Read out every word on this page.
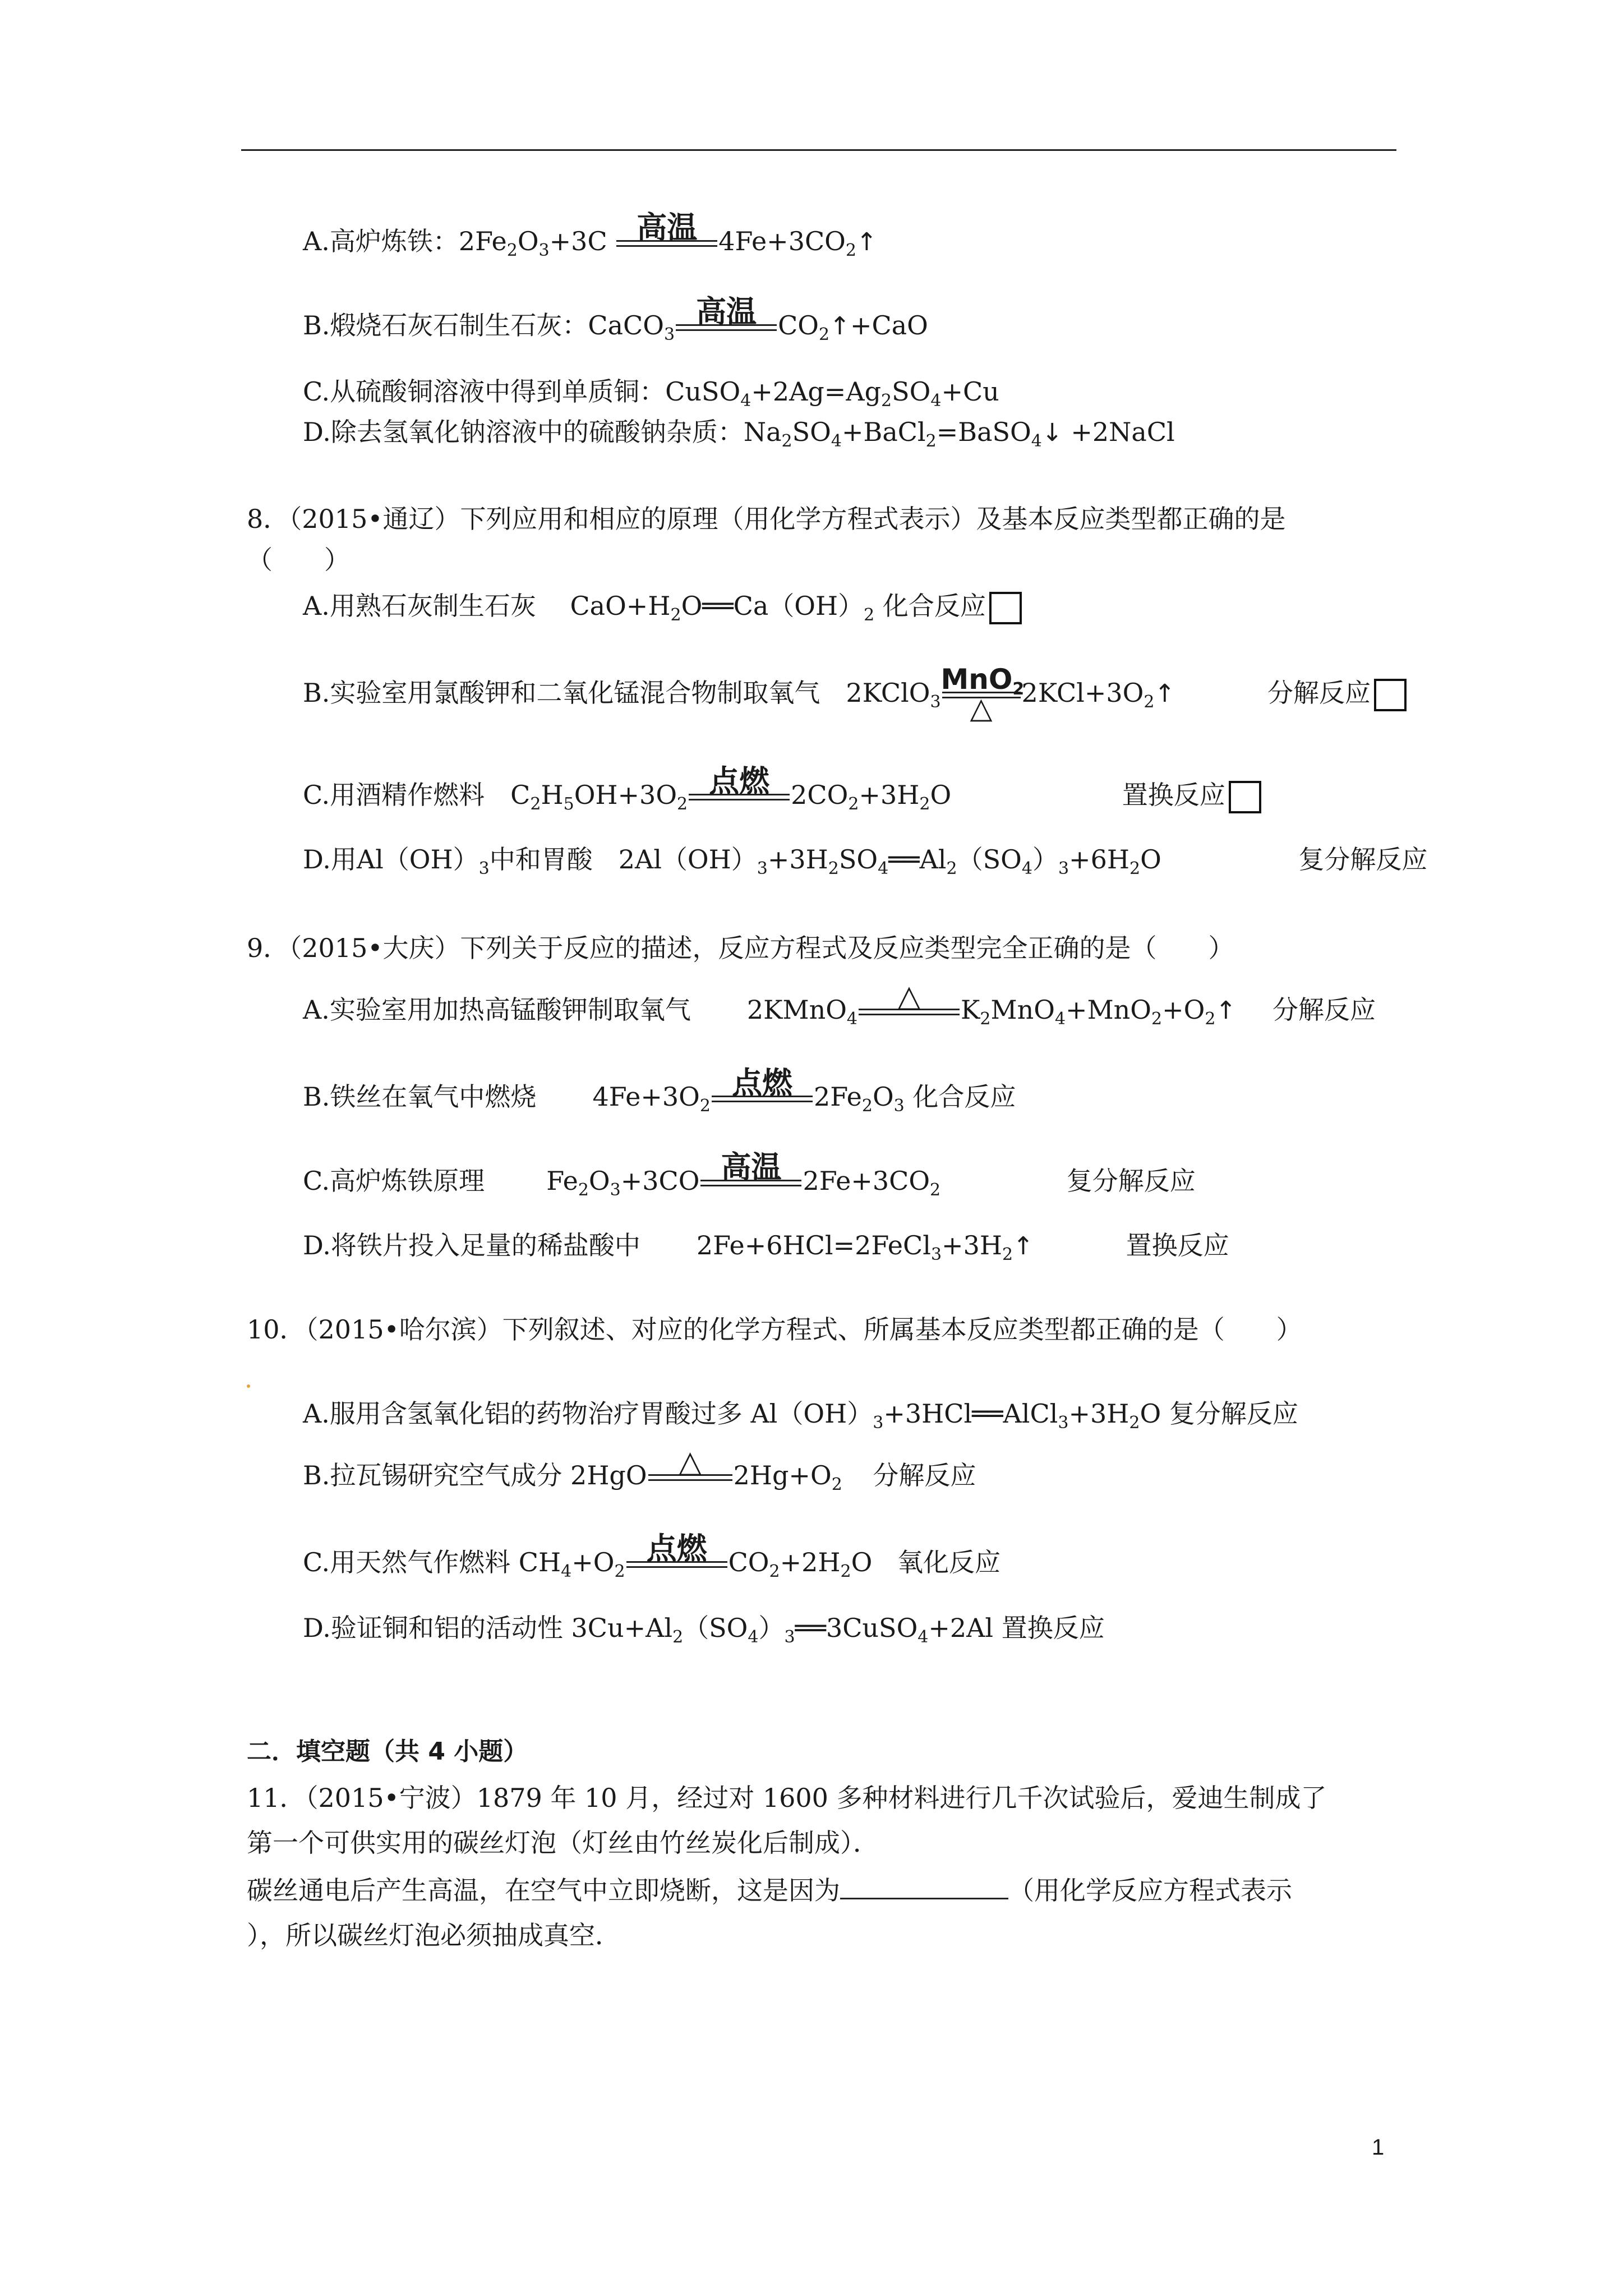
A.高炉炼铁：$2Fe_2O_3+3C$ 高温 $4Fe+3CO_2↑$
B.煅烧石灰石制生石灰：CaCO$_3$
高温 $CO_2↑+CaO$
C.从硫酸铜溶液中得到单质铜：$CuSO_4+2Ag=Ag_2SO_4+Cu$
D.除去氢氧化钠溶液中的硫酸钠杂质：$Na_2SO_4+BaCl_2=BaSO_4↓$ +2NaCl
8．（2015•通辽）下列应用和相应的原理（用化学方程式表示）及基本反应类型都正确的是
（　　）
A.用熟石灰制生石灰　 $CaO+H_2O══Ca(OH)_2$ 化合反应
B.实验室用氯酸钾和二氧化锰混合物制取氧气　2KClO$_3$
MnO$_2$
△	$2KCl+3O_2↑$	分解反应
C.用酒精作燃料　$C_2H_5OH+3O_2$
点燃 $2CO_2+3H_2O$	置换反应
D.用$Al(OH)_3$中和胃酸　$2Al(OH)_3+3H_2SO_4══Al_2(SO_4)_3+6H_2O$	复分解反应
9．（2015•大庆）下列关于反应的描述，反应方程式及反应类型完全正确的是（　　）
A.实验室用加热高锰酸钾制取氧气 2KMnO$_4$
△	$K_2MnO_4+MnO_2+O_2↑$ 分解反应
B.铁丝在氧气中燃烧 $4Fe+3O_2$
点燃 $2Fe_2O_3$ 化合反应
C.高炉炼铁原理 $Fe_2O_3+3CO$ 高温 $2Fe+3CO_2$	复分解反应
D.将铁片投入足量的稀盐酸中 $2Fe+6HCl=2FeCl_3+3H_2↑$	置换反应
10．（2015•哈尔滨）下列叙述、对应的化学方程式、所属基本反应类型都正确的是（　　）
A.服用含氢氧化铝的药物治疗胃酸过多 $Al(OH)_3+3HCl══AlCl_3+3H_2O$ 复分解反应
B.拉瓦锡研究空气成分 2HgO	△	$2Hg+O_2$ 分解反应
C.用天然气作燃料 $CH_4+O_2$
点燃 $CO_2+2H_2O$ 氧化反应
D.验证铜和铝的活动性 $3Cu+Al_2(SO_4)_3══3CuSO_4+2Al$ 置换反应
二．填空题（共 4 小题）
11．（2015•宁波）1879 年 10 月，经过对 1600 多种材料进行几千次试验后，爱迪生制成了
第一个可供实用的碳丝灯泡（灯丝由竹丝炭化后制成）．
碳丝通电后产生高温，在空气中立即烧断，这是因为	（用化学反应方程式表示
），所以碳丝灯泡必须抽成真空．
1
